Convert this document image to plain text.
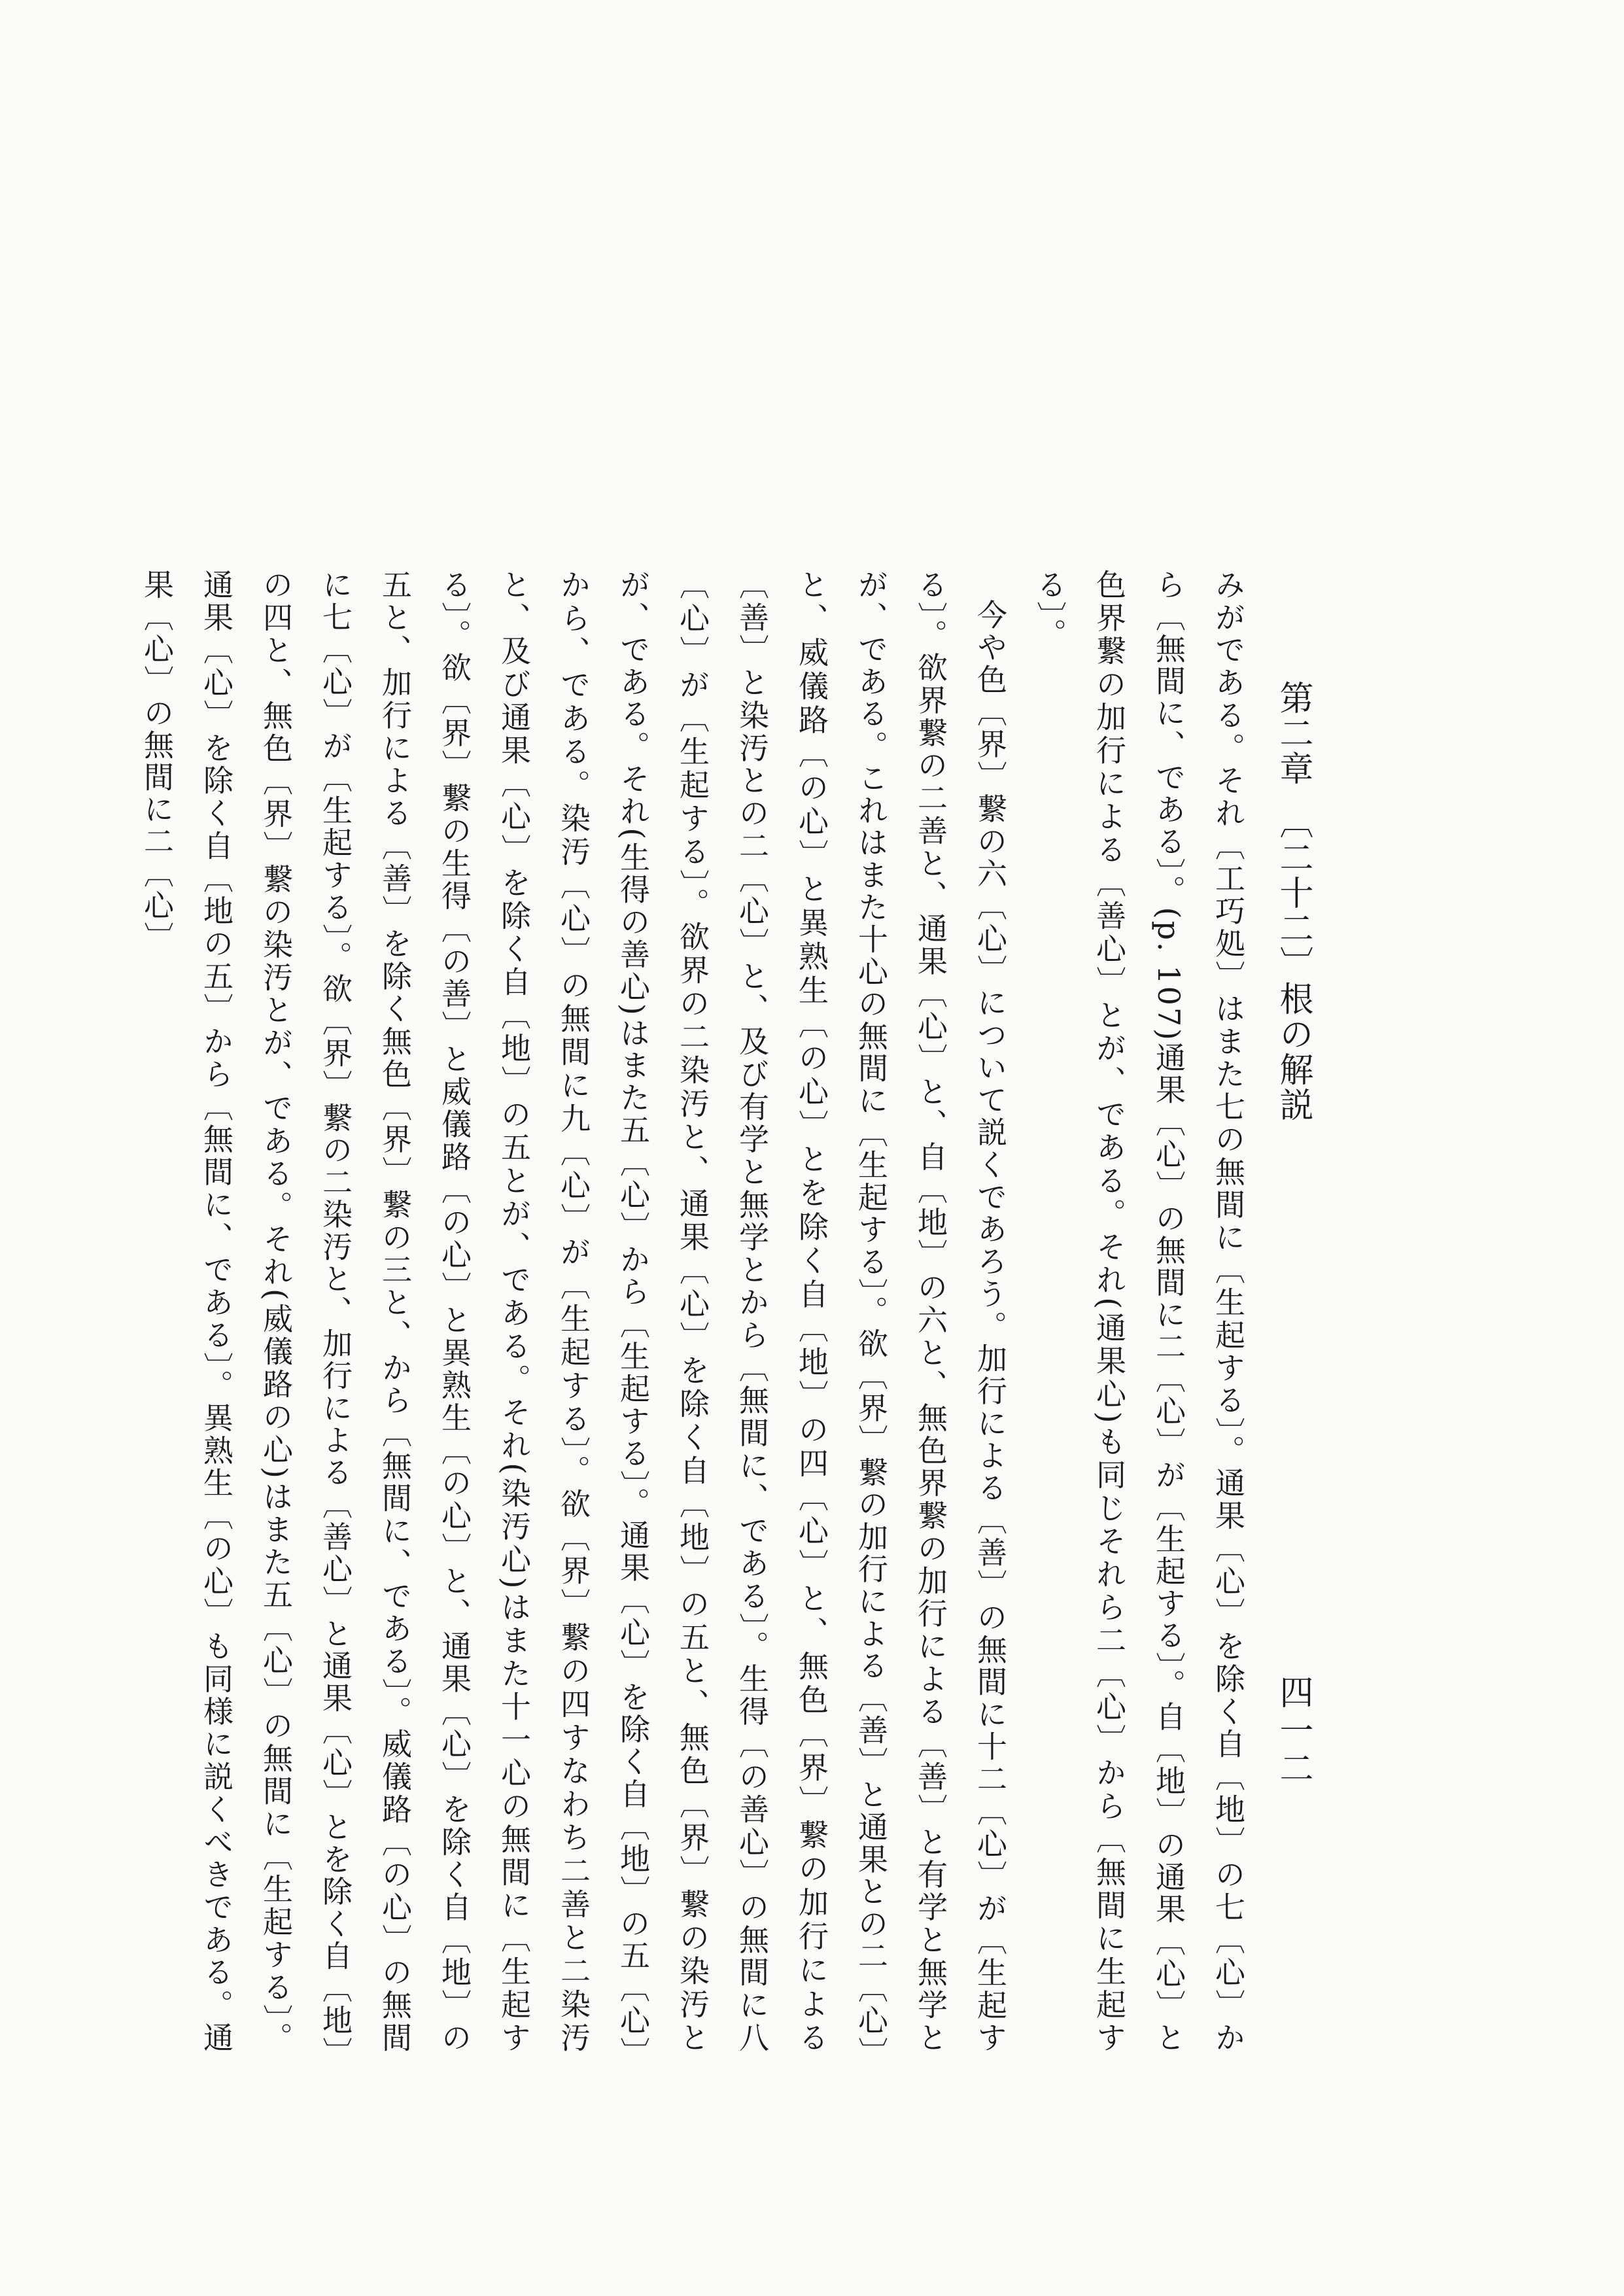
第二章　〔二十二〕根の解説
四一二

みがである。それ〔工巧処〕はまた七の無間に〔生起する〕。通果〔心〕を除く自〔地〕の七〔心〕から〔無間に、である〕。(p. 107)通果〔心〕の無間に二〔心〕が〔生起する〕。自〔地〕の通果〔心〕と色界繋の加行による〔善心〕とが、である。それ(通果心)も同じそれら二〔心〕から〔無間に生起する〕。

今や色〔界〕繋の六〔心〕について説くであろう。加行による〔善〕の無間に十二〔心〕が〔生起する〕。欲界繋の二善と、通果〔心〕と、自〔地〕の六と、無色界繋の加行による〔善〕と有学と無学とが、である。これはまた十心の無間に〔生起する〕。欲〔界〕繋の加行による〔善〕と通果との二〔心〕と、威儀路〔の心〕と異熟生〔の心〕とを除く自〔地〕の四〔心〕と、無色〔界〕繋の加行による〔善〕と染汚との二〔心〕と、及び有学と無学とから〔無間に、である〕。生得〔の善心〕の無間に八〔心〕が〔生起する〕。欲界の二染汚と、通果〔心〕を除く自〔地〕の五と、無色〔界〕繋の染汚とが、である。それ(生得の善心)はまた五〔心〕から〔生起する〕。通果〔心〕を除く自〔地〕の五〔心〕から、である。染汚〔心〕の無間に九〔心〕が〔生起する〕。欲〔界〕繋の四すなわち二善と二染汚と、及び通果〔心〕を除く自〔地〕の五とが、である。それ(染汚心)はまた十一心の無間に〔生起する〕。欲〔界〕繋の生得〔の善〕と威儀路〔の心〕と異熟生〔の心〕と、通果〔心〕を除く自〔地〕の五と、加行による〔善〕を除く無色〔界〕繋の三と、から〔無間に、である〕。威儀路〔の心〕の無間に七〔心〕が〔生起する〕。欲〔界〕繋の二染汚と、加行による〔善心〕と通果〔心〕とを除く自〔地〕の四と、無色〔界〕繋の染汚とが、である。それ(威儀路の心)はまた五〔心〕の無間に〔生起する〕。通果〔心〕を除く自〔地の五〕から〔無間に、である〕。異熟生〔の心〕も同様に説くべきである。通果〔心〕の無間に二〔心〕
